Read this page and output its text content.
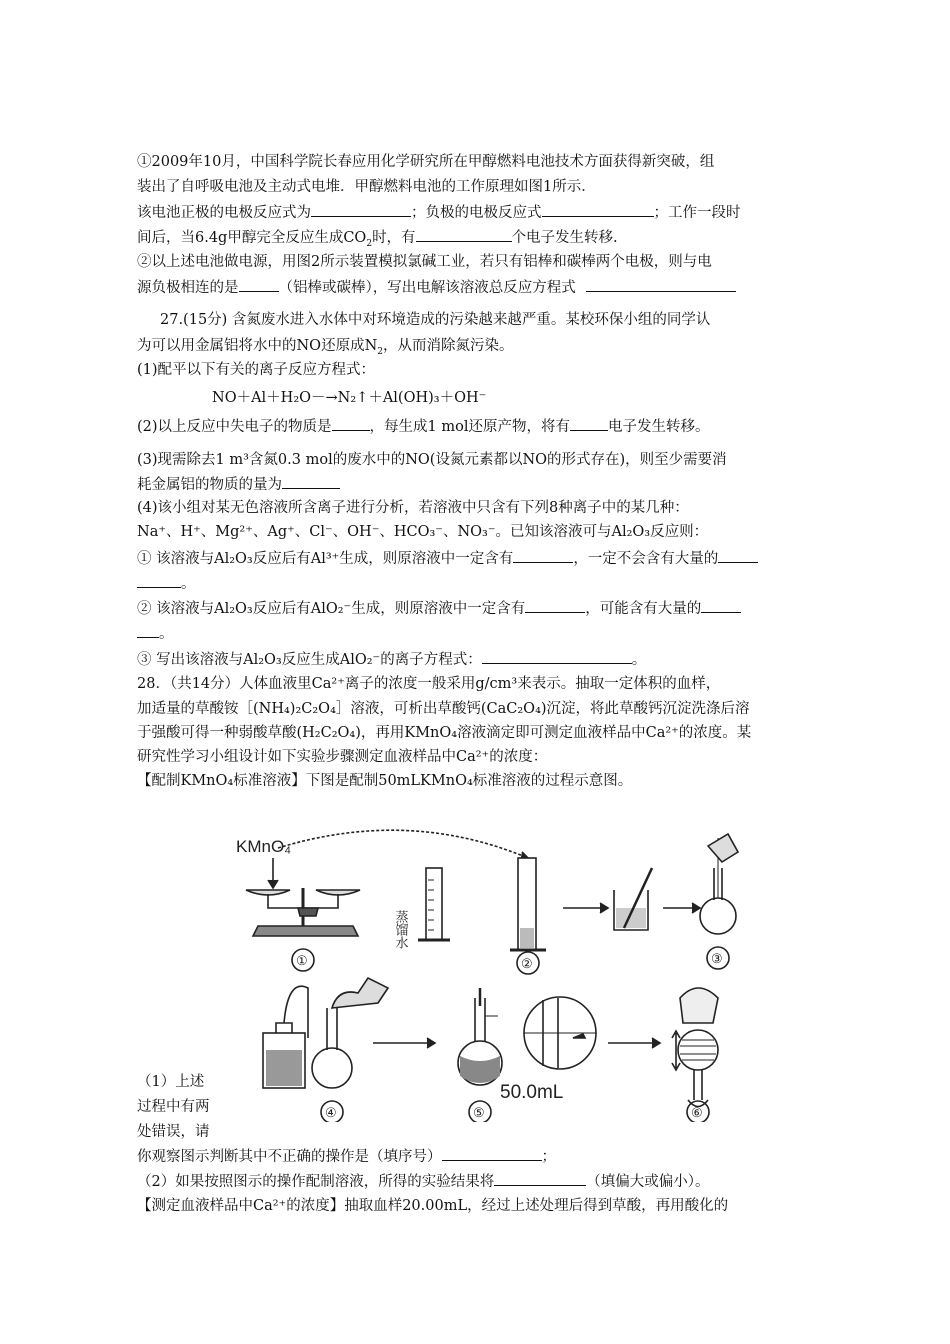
①2009年10月，中国科学院长春应用化学研究所在甲醇燃料电池技术方面获得新突破，组
装出了自呼吸电池及主动式电堆．甲醇燃料电池的工作原理如图1所示．
该电池正极的电极反应式为	；负极的电极反应式	；工作一段时
间后，当6.4g甲醇完全反应生成$CO_2$时，有	个电子发生转移.
②以上述电池做电源，用图2所示装置模拟氯碱工业，若只有铝棒和碳棒两个电极，则与电
源负极相连的是	（铝棒或碳棒），写出电解该溶液总反应方程式
27.(15分) 含氮废水进入水体中对环境造成的污染越来越严重。某校环保小组的同学认
为可以用金属铝将水中的NO还原成$N_2$，从而消除氮污染。
(1)配平以下有关的离子反应方程式：
NO＋Al＋H₂O－→N₂↑＋Al(OH)₃＋OH⁻
(2)以上反应中失电子的物质是	，每生成1 mol还原产物，将有	电子发生转移。
(3)现需除去1 m³含氮0.3 mol的废水中的NO(设氮元素都以NO的形式存在)，则至少需要消
耗金属铝的物质的量为
(4)该小组对某无色溶液所含离子进行分析，若溶液中只含有下列8种离子中的某几种：
Na⁺、H⁺、Mg²⁺、Ag⁺、Cl⁻、OH⁻、HCO₃⁻、NO₃⁻。已知该溶液可与Al₂O₃反应则：
① 该溶液与Al₂O₃反应后有Al³⁺生成，则原溶液中一定含有	，一定不会含有大量的
。
② 该溶液与Al₂O₃反应后有AlO₂⁻生成，则原溶液中一定含有	，可能含有大量的
。
③ 写出该溶液与Al₂O₃反应生成AlO₂⁻的离子方程式：	。
28．（共14分）人体血液里Ca²⁺离子的浓度一般采用g/cm³来表示。抽取一定体积的血样，
加适量的草酸铵［(NH₄)₂C₂O₄］溶液，可析出草酸钙(CaC₂O₄)沉淀，将此草酸钙沉淀洗涤后溶
于强酸可得一种弱酸草酸(H₂C₂O₄)，再用KMnO₄溶液滴定即可测定血液样品中Ca²⁺的浓度。某
研究性学习小组设计如下实验步骤测定血液样品中Ca²⁺的浓度：
【配制KMnO₄标准溶液】下图是配制50mLKMnO₄标准溶液的过程示意图。
KMnO₄
蒸馏水
①	②	③
④
50.0mL
⑤	⑥
（1）上述
过程中有两
处错误，请
你观察图示判断其中不正确的操作是（填序号）	；
（2）如果按照图示的操作配制溶液，所得的实验结果将	（填偏大或偏小）。
【测定血液样品中Ca²⁺的浓度】抽取血样20.00mL，经过上述处理后得到草酸，再用酸化的
